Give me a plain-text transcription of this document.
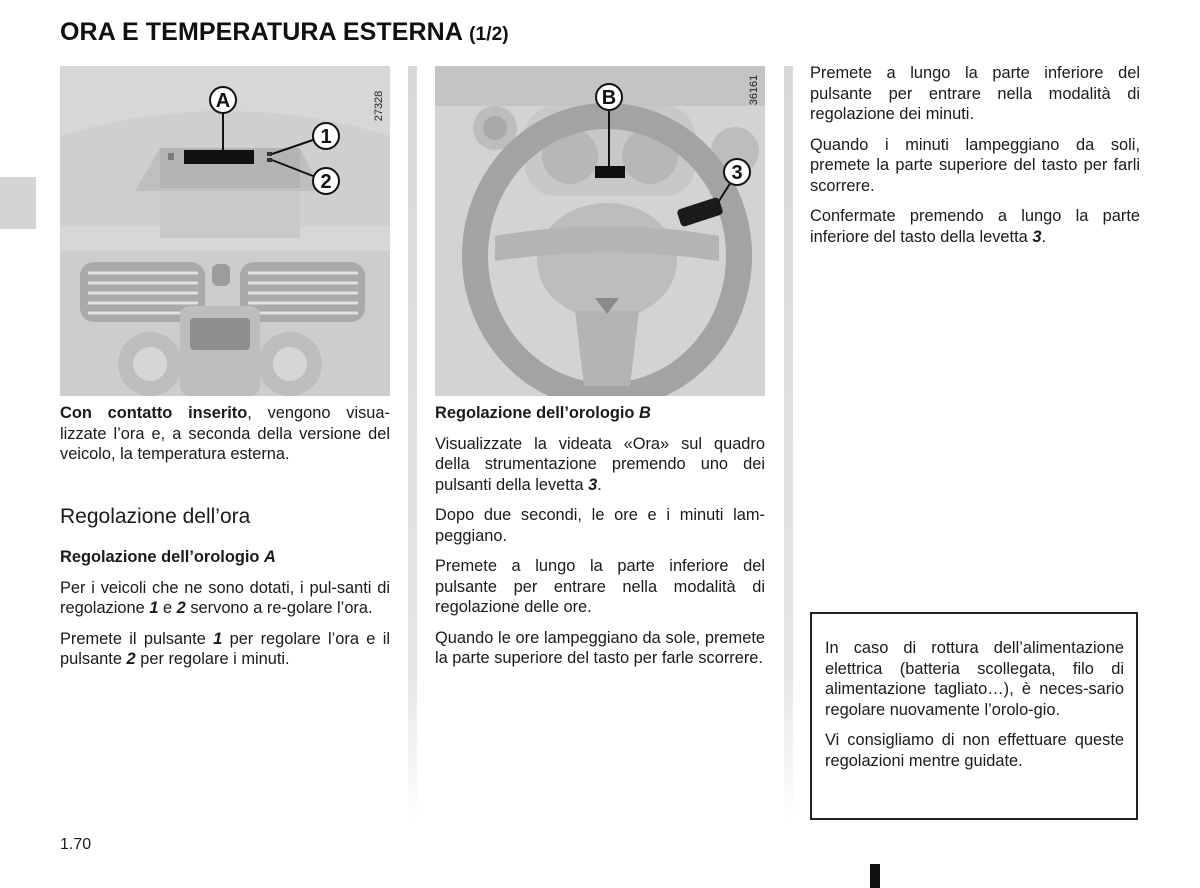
ORA E TEMPERATURA ESTERNA (1/2)
A
1
2
27328	B
3
36161

Con contatto inserito, vengono visua-lizzate l’ora e, a seconda della versione del veicolo, la temperatura esterna.

Regolazione dell’ora

Regolazione dell’orologio A

Per i veicoli che ne sono dotati, i pul-santi di regolazione 1 e 2 servono a re-golare l’ora.

Premete il pulsante 1 per regolare l’ora e il pulsante 2 per regolare i minuti.

Regolazione dell’orologio B

Visualizzate la videata «Ora» sul quadro della strumentazione premendo uno dei pulsanti della levetta 3.

Dopo due secondi, le ore e i minuti lam-peggiano.

Premete a lungo la parte inferiore del pulsante per entrare nella modalità di regolazione delle ore.

Quando le ore lampeggiano da sole, premete la parte superiore del tasto per farle scorrere.

Premete a lungo la parte inferiore del pulsante per entrare nella modalità di regolazione dei minuti.

Quando i minuti lampeggiano da soli, premete la parte superiore del tasto per farli scorrere.

Confermate premendo a lungo la parte inferiore del tasto della levetta 3.

In caso di rottura dell’alimentazione elettrica (batteria scollegata, filo di alimentazione tagliato…), è neces-sario regolare nuovamente l’orolo-gio.

Vi consigliamo di non effettuare queste regolazioni mentre guidate.

1.70
